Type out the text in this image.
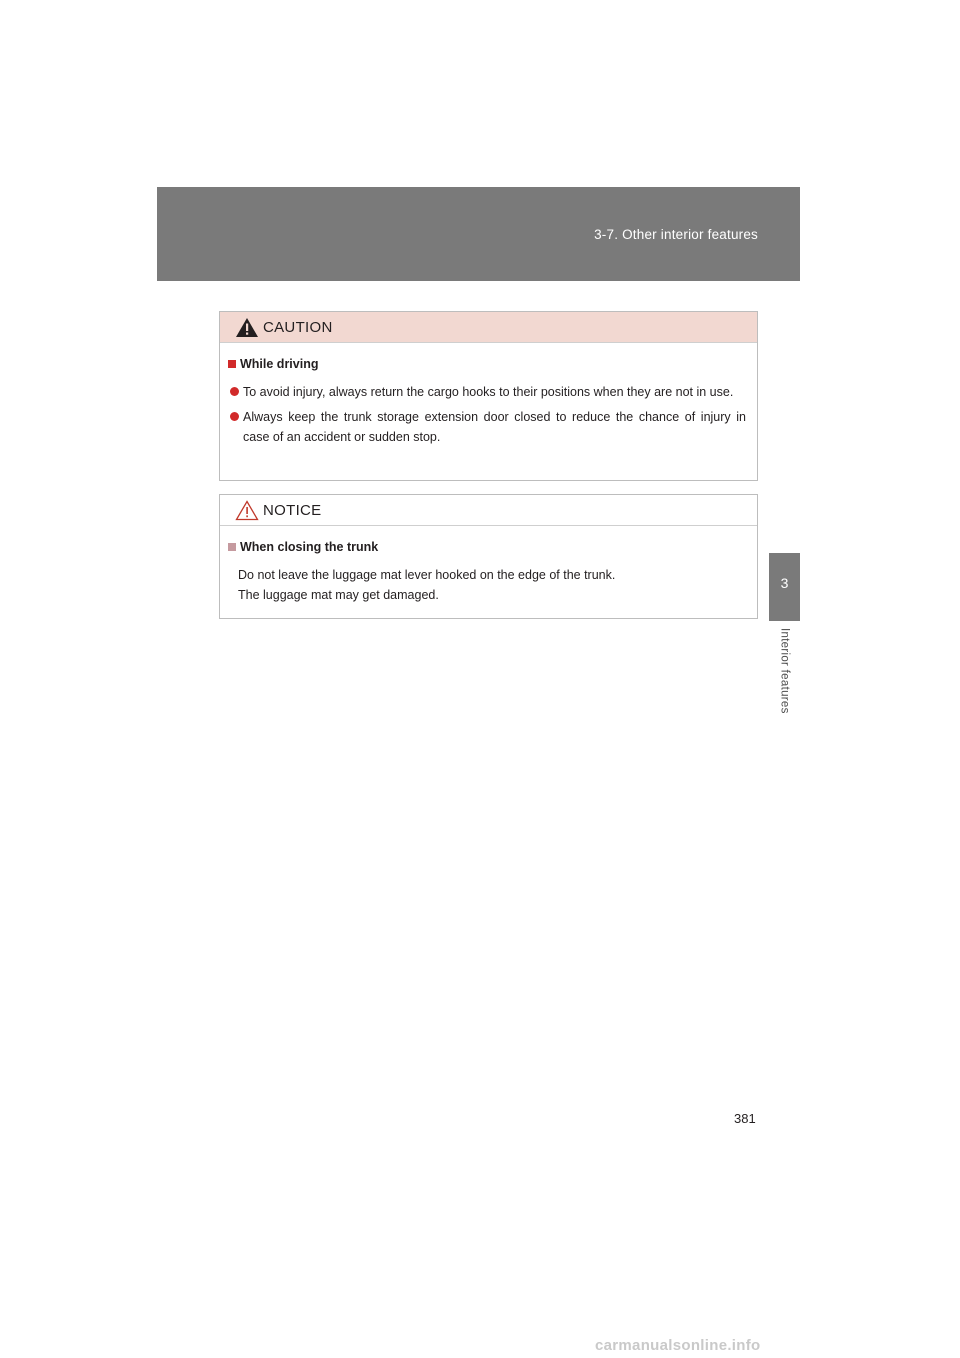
3-7. Other interior features
3
Interior features
CAUTION
While driving
To avoid injury, always return the cargo hooks to their positions when they are not in use.
Always keep the trunk storage extension door closed to reduce the chance of injury in case of an accident or sudden stop.
NOTICE
When closing the trunk
Do not leave the luggage mat lever hooked on the edge of the trunk.
The luggage mat may get damaged.
381
carmanualsonline.info
